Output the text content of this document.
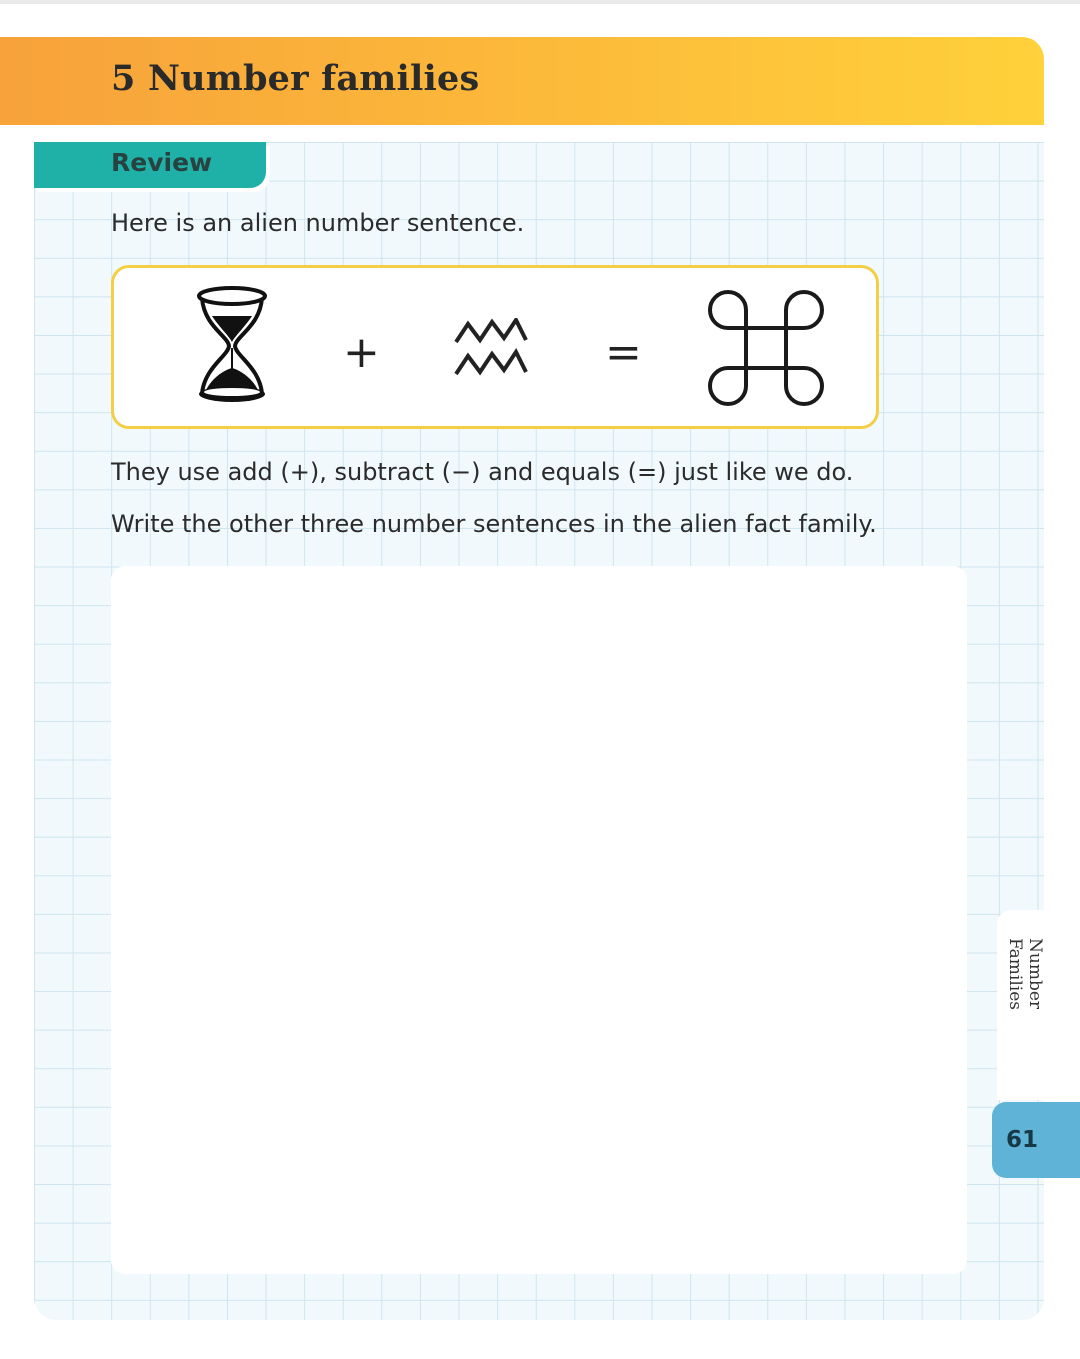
5 Number families
Review
Here is an alien number sentence.
+	=
They use add (+), subtract (−) and equals (=) just like we do.
Write the other three number sentences in the alien fact family.
Number Families
61
